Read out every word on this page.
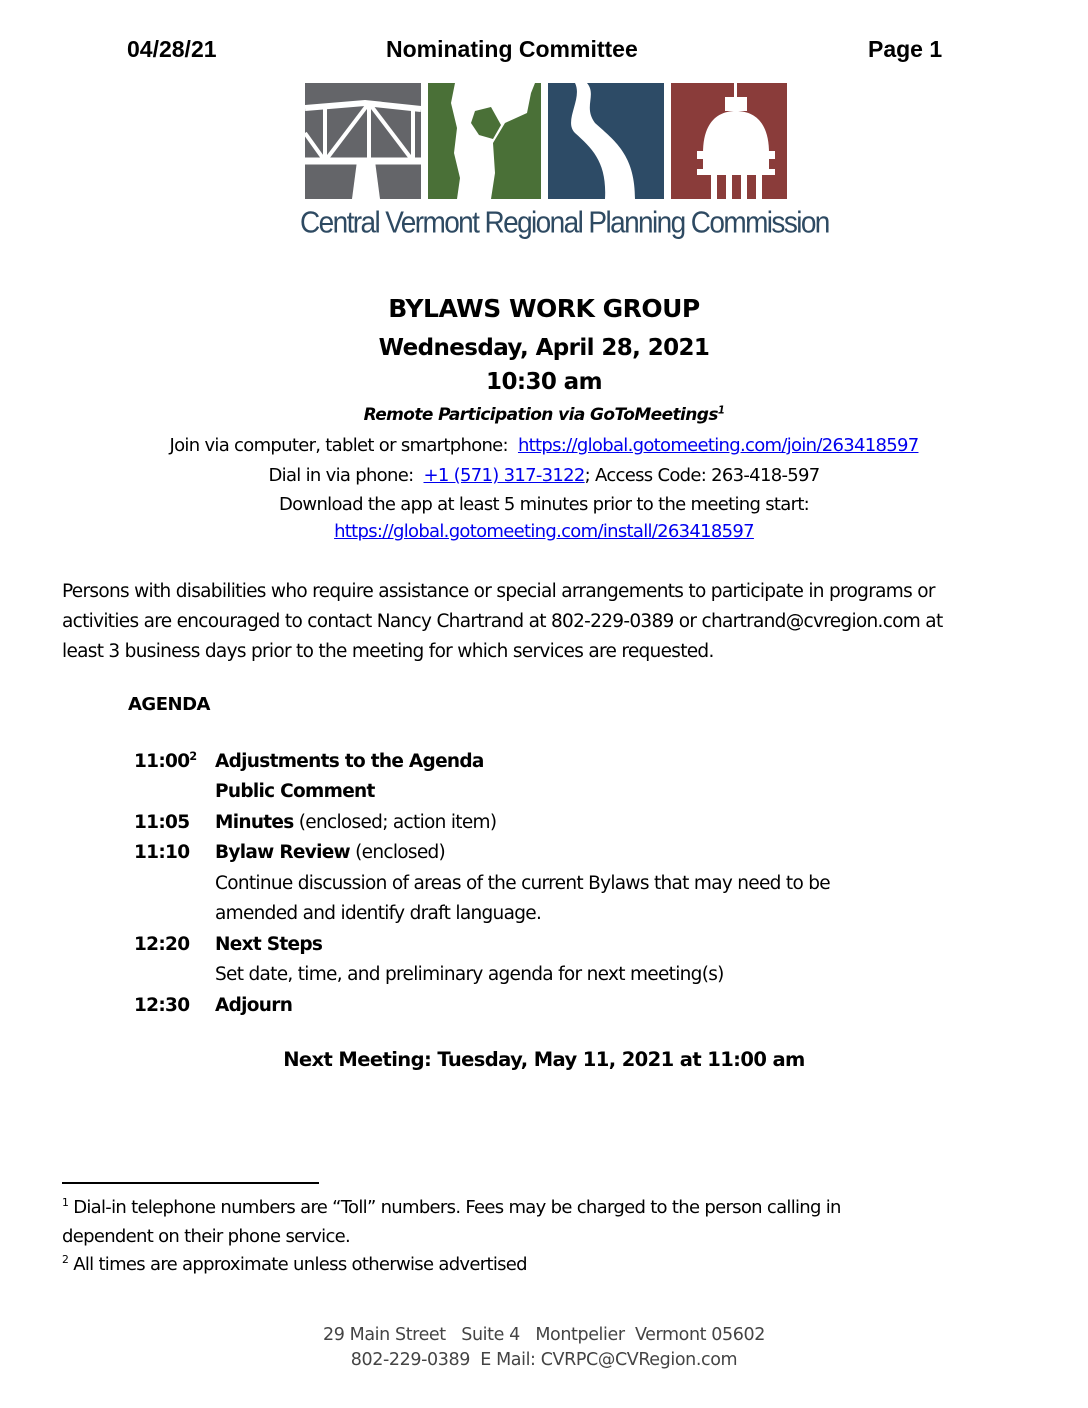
04/28/21	Nominating Committee	Page 1
Central Vermont Regional Planning Commission
BYLAWS WORK GROUP
Wednesday, April 28, 2021
10:30 am
Remote Participation via GoToMeetings$^1$
Join via computer, tablet or smartphone: https://global.gotomeeting.com/join/263418597
Dial in via phone: +1 (571) 317-3122; Access Code: 263-418-597
Download the app at least 5 minutes prior to the meeting start:
https://global.gotomeeting.com/install/263418597
Persons with disabilities who require assistance or special arrangements to participate in programs or
activities are encouraged to contact Nancy Chartrand at 802-229-0389 or chartrand@cvregion.com at
least 3 business days prior to the meeting for which services are requested.
AGENDA
$11:00^2$ Adjustments to the Agenda
Public Comment
11:05 Minutes (enclosed; action item)
11:10 Bylaw Review (enclosed)
Continue discussion of areas of the current Bylaws that may need to be
amended and identify draft language.
12:20 Next Steps
Set date, time, and preliminary agenda for next meeting(s)
12:30 Adjourn
Next Meeting: Tuesday, May 11, 2021 at 11:00 am
$^1$ Dial-in telephone numbers are “Toll” numbers. Fees may be charged to the person calling in
dependent on their phone service.
$^2$ All times are approximate unless otherwise advertised
29 Main Street   Suite 4   Montpelier  Vermont 05602
802-229-0389  E Mail: CVRPC@CVRegion.com
